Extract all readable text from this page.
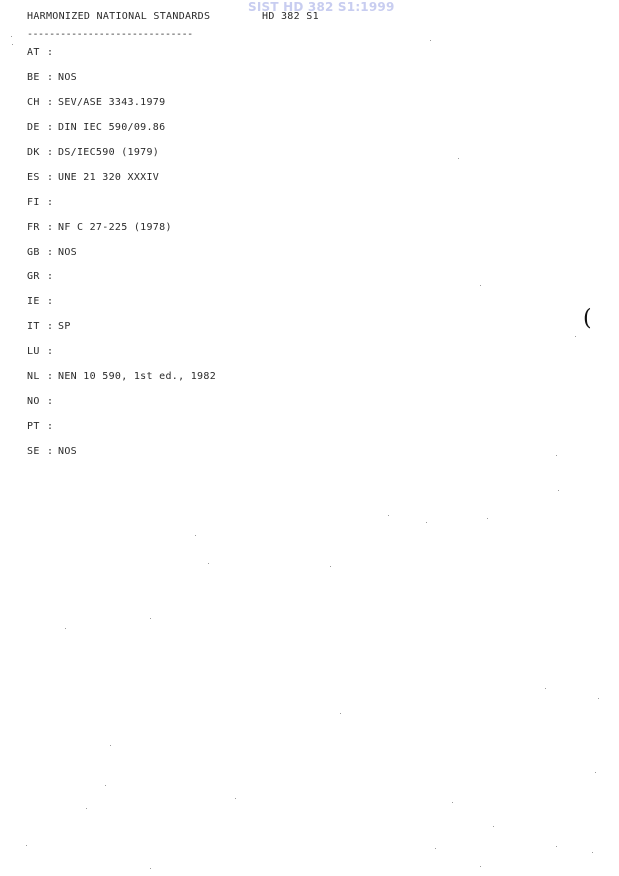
SIST HD 382 S1:1999
HARMONIZED NATIONAL STANDARDS	HD 382 S1
------------------------------
AT :
BE : NOS
CH : SEV/ASE 3343.1979
DE : DIN IEC 590/09.86
DK : DS/IEC590 (1979)
ES : UNE 21 320 XXXIV
FI :
FR : NF C 27-225 (1978)
GB : NOS
GR :
IE :
IT : SP
LU :
NL : NEN 10 590, 1st ed., 1982
NO :
PT :
SE : NOS
(
